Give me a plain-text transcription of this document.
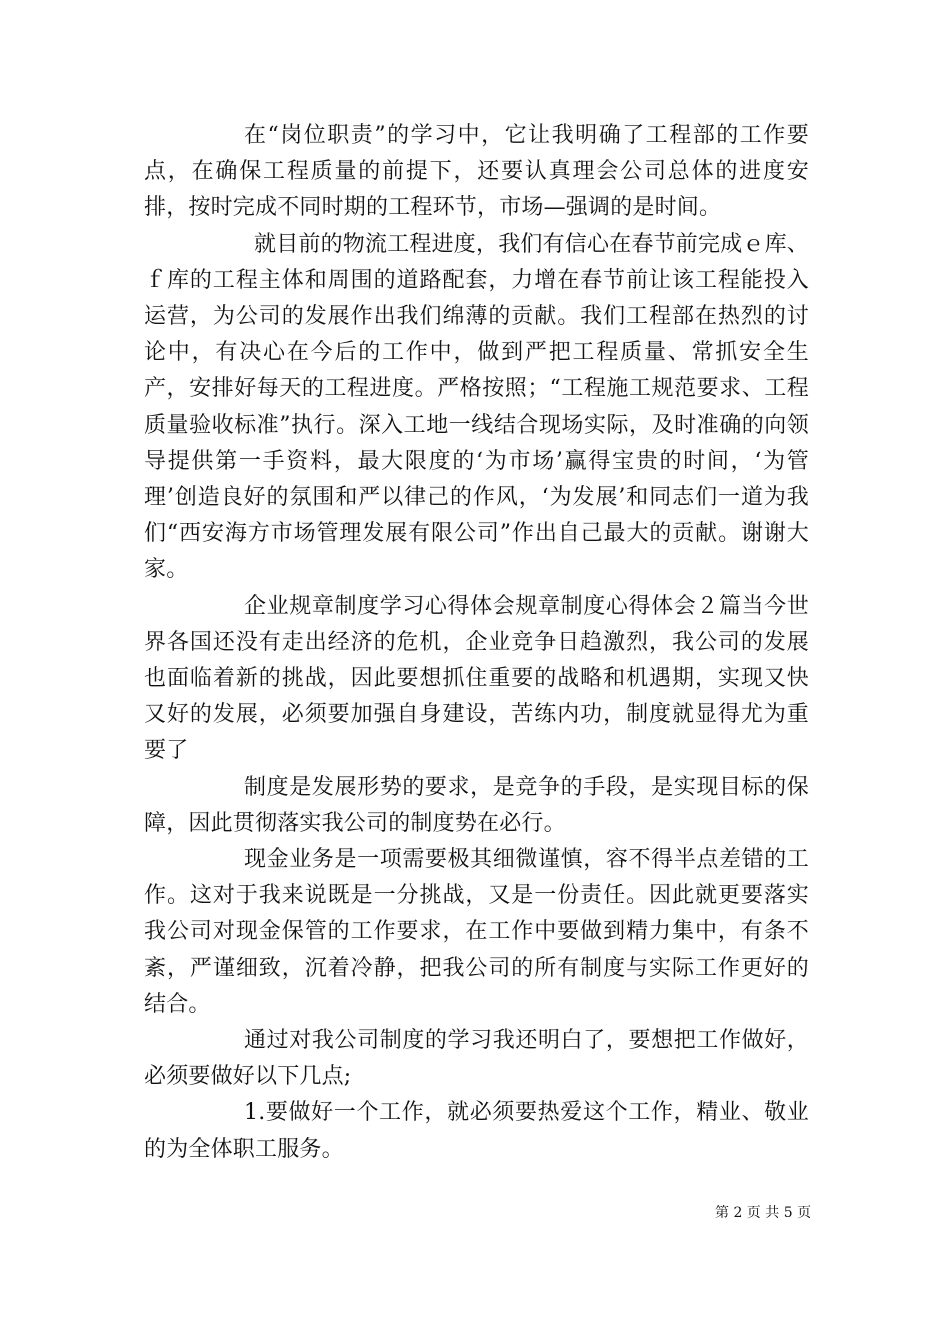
在“岗位职责”的学习中，它让我明确了工程部的工作要点，在确保工程质量的前提下，还要认真理会公司总体的进度安排，按时完成不同时期的工程环节，市场—强调的是时间。

就目前的物流工程进度，我们有信心在春节前完成ｅ库、ｆ库的工程主体和周围的道路配套，力增在春节前让该工程能投入运营，为公司的发展作出我们绵薄的贡献。我们工程部在热烈的讨论中，有决心在今后的工作中，做到严把工程质量、常抓安全生产，安排好每天的工程进度。严格按照；“工程施工规范要求、工程质量验收标准”执行。深入工地一线结合现场实际，及时准确的向领导提供第一手资料，最大限度的‘为市场’赢得宝贵的时间，‘为管理’创造良好的氛围和严以律己的作风，‘为发展’和同志们一道为我们“西安海方市场管理发展有限公司”作出自己最大的贡献。谢谢大家。

企业规章制度学习心得体会规章制度心得体会２篇当今世界各国还没有走出经济的危机，企业竞争日趋激烈，我公司的发展也面临着新的挑战，因此要想抓住重要的战略和机遇期，实现又快又好的发展，必须要加强自身建设，苦练内功，制度就显得尤为重要了

制度是发展形势的要求，是竞争的手段，是实现目标的保障，因此贯彻落实我公司的制度势在必行。

现金业务是一项需要极其细微谨慎，容不得半点差错的工作。这对于我来说既是一分挑战，又是一份责任。因此就更要落实我公司对现金保管的工作要求，在工作中要做到精力集中，有条不紊，严谨细致，沉着冷静，把我公司的所有制度与实际工作更好的结合。

通过对我公司制度的学习我还明白了，要想把工作做好，必须要做好以下几点;

1.要做好一个工作，就必须要热爱这个工作，精业、敬业的为全体职工服务。

第 2 页 共 5 页
